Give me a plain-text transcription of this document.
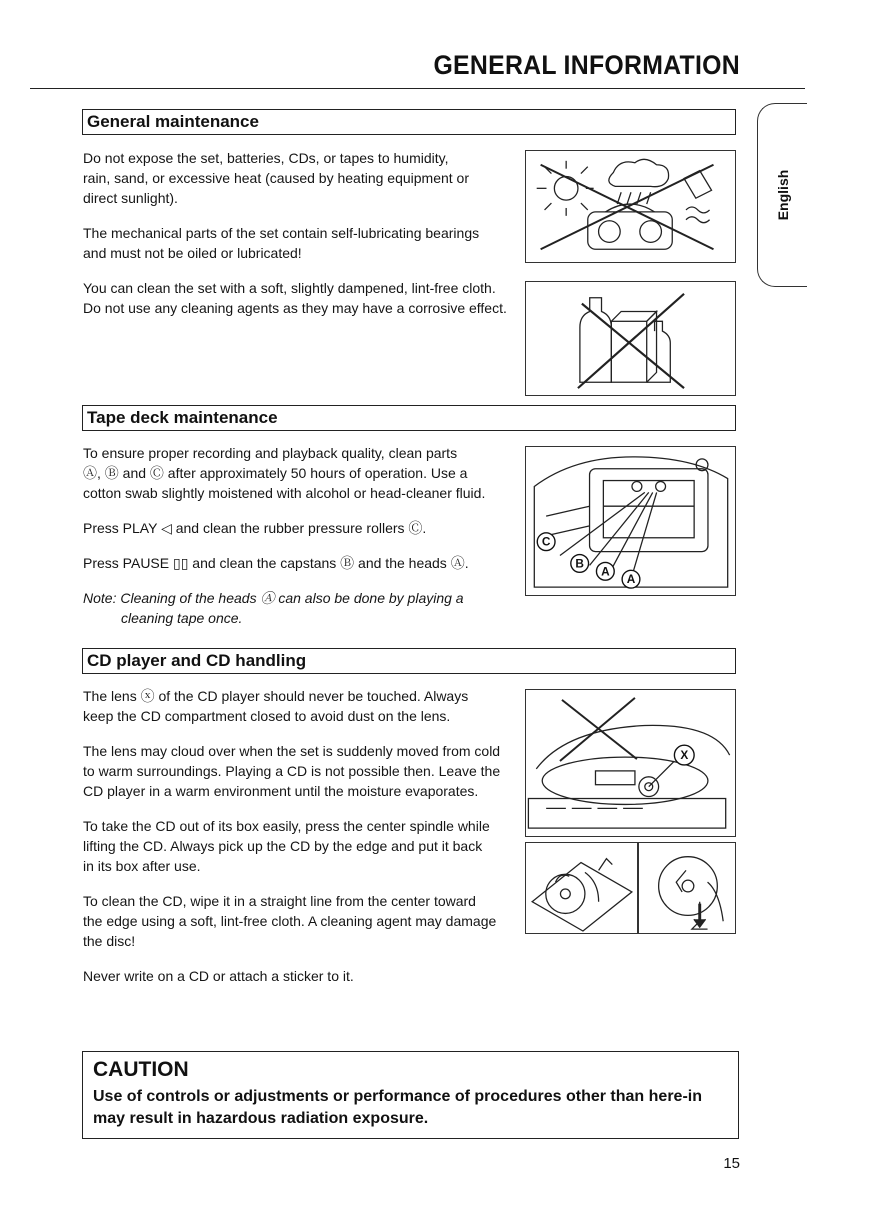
GENERAL INFORMATION
English
General maintenance

Do not expose the set, batteries, CDs, or tapes to humidity,

rain, sand, or excessive heat (caused by heating equipment or

direct sunlight).

The mechanical parts of the set contain self-lubricating bearings

and must not be oiled or lubricated!

You can clean the set with a soft, slightly dampened, lint-free cloth.

Do not use any cleaning agents as they may have a corrosive effect.

Tape deck maintenance

To ensure proper recording and playback quality, clean parts

Ⓐ, Ⓑ and Ⓒ after approximately 50 hours of operation. Use a

cotton swab slightly moistened with alcohol or head-cleaner fluid.

Press PLAY ◁ and clean the rubber pressure rollers Ⓒ.

Press PAUSE ▯▯ and clean the capstans Ⓑ and the heads Ⓐ.

Note: Cleaning of the heads Ⓐ can also be done by playing a

cleaning tape once.

C
B
A
A
CD player and CD handling

The lens ⓧ of the CD player should never be touched. Always

keep the CD compartment closed to avoid dust on the lens.

The lens may cloud over when the set is suddenly moved from cold

to warm surroundings. Playing a CD is not possible then. Leave the

CD player in a warm environment until the moisture evaporates.

To take the CD out of its box easily, press the center spindle while

lifting the CD. Always pick up the CD by the edge and put it back

in its box after use.

To clean the CD, wipe it in a straight line from the center toward

the edge using a soft, lint-free cloth. A cleaning agent may damage

the disc!

Never write on a CD or attach a sticker to it.

X
CAUTION
Use of controls or adjustments or performance of procedures other than here-in may result in hazardous radiation exposure.
15
